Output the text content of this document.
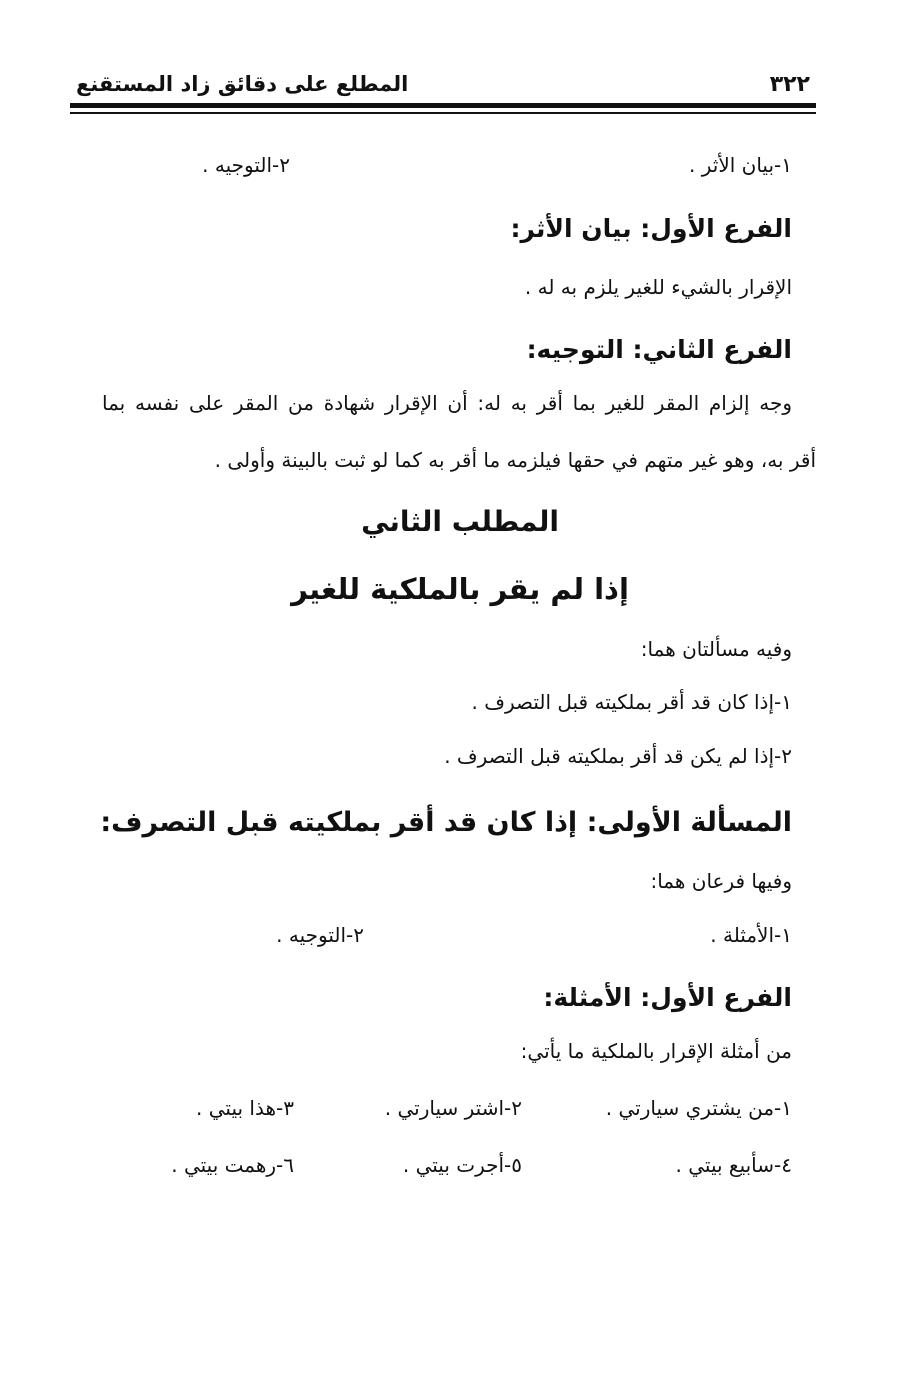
٣٢٢
المطلع على دقائق زاد المستقنع
١-بيان الأثر .
٢-التوجيه .
الفرع الأول: بيان الأثر:
الإقرار بالشيء للغير يلزم به له .
الفرع الثاني: التوجيه:
وجه إلزام المقر للغير بما أقر به له: أن الإقرار شهادة من المقر على نفسه بما
أقر به، وهو غير متهم في حقها فيلزمه ما أقر به كما لو ثبت بالبينة وأولى .
المطلب الثاني
إذا لم يقر بالملكية للغير
وفيه مسألتان هما:
١-إذا كان قد أقر بملكيته قبل التصرف .
٢-إذا لم يكن قد أقر بملكيته قبل التصرف .
المسألة الأولى: إذا كان قد أقر بملكيته قبل التصرف:
وفيها فرعان هما:
١-الأمثلة .
٢-التوجيه .
الفرع الأول: الأمثلة:
من أمثلة الإقرار بالملكية ما يأتي:
١-من يشتري سيارتي .
٢-اشتر سيارتي .
٣-هذا بيتي .
٤-سأبيع بيتي .
٥-أجرت بيتي .
٦-رهمت بيتي .
